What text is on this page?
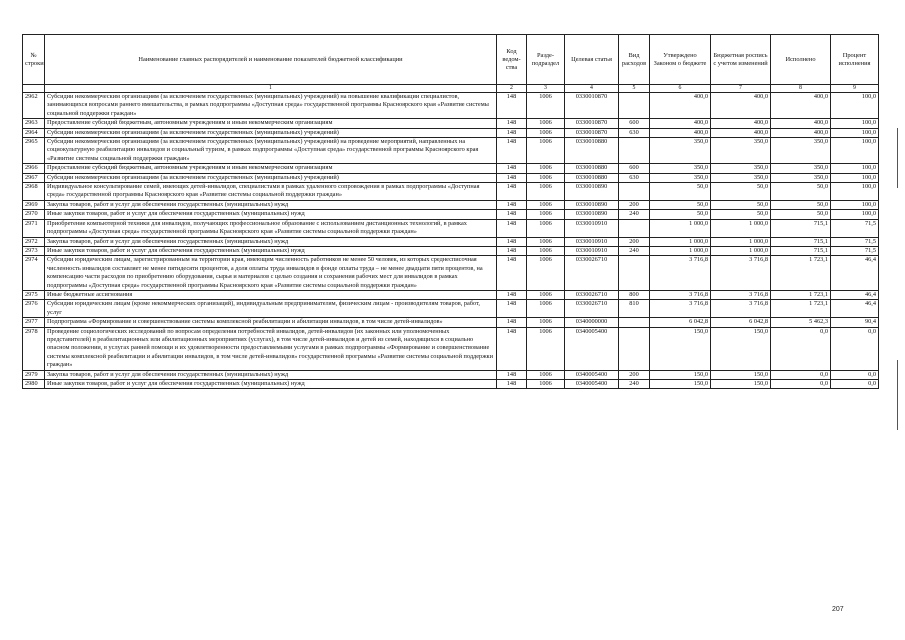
№ строки	Наименование главных распорядителей и наименование показателей бюджетной классификации	Код ведом-ства	Разде-подраздел	Целевая статья	Вид расходов	Утверждено Законом о бюджете	Бюджетная роспись с учетом изменений	Исполнено	Процент исполнения
	1	2	3	4	5	6	7	8	9
2962	Субсидии некоммерческим организациям (за исключением государственных (муниципальных) учреждений) на повышение квалификации специалистов, занимающихся вопросами раннего вмешательства, в рамках подпрограммы «Доступная среда» государственной программы Красноярского края «Развитие системы социальной поддержки граждан»	148	1006	0330010870		400,0	400,0	400,0	100,0
2963	Предоставление субсидий бюджетным, автономным учреждениям и иным некоммерческим организациям	148	1006	0330010870	600	400,0	400,0	400,0	100,0
2964	Субсидии некоммерческим организациям (за исключением государственных (муниципальных) учреждений)	148	1006	0330010870	630	400,0	400,0	400,0	100,0
2965	Субсидии некоммерческим организациям (за исключением государственных (муниципальных) учреждений) на проведение мероприятий, направленных на социокультурную реабилитацию инвалидов и социальный туризм, в рамках подпрограммы «Доступная среда» государственной программы Красноярского края «Развитие системы социальной поддержки граждан»	148	1006	0330010880		350,0	350,0	350,0	100,0
2966	Предоставление субсидий бюджетным, автономным учреждениям и иным некоммерческим организациям	148	1006	0330010880	600	350,0	350,0	350,0	100,0
2967	Субсидии некоммерческим организациям (за исключением государственных (муниципальных) учреждений)	148	1006	0330010880	630	350,0	350,0	350,0	100,0
2968	Индивидуальное консультирование семей, имеющих детей-инвалидов, специалистами в рамках удаленного сопровождения в рамках подпрограммы «Доступная среда» государственной программы Красноярского края «Развитие системы социальной поддержки граждан»	148	1006	0330010890		50,0	50,0	50,0	100,0
2969	Закупка товаров, работ и услуг для обеспечения государственных (муниципальных) нужд	148	1006	0330010890	200	50,0	50,0	50,0	100,0
2970	Иные закупки товаров, работ и услуг для обеспечения государственных (муниципальных) нужд	148	1006	0330010890	240	50,0	50,0	50,0	100,0
2971	Приобретение компьютерной техники для инвалидов, получающих профессиональное образование с использованием дистанционных технологий, в рамках подпрограммы «Доступная среда» государственной программы Красноярского края «Развитие системы социальной поддержки граждан»	148	1006	0330010910		1 000,0	1 000,0	715,1	71,5
2972	Закупка товаров, работ и услуг для обеспечения государственных (муниципальных) нужд	148	1006	0330010910	200	1 000,0	1 000,0	715,1	71,5
2973	Иные закупки товаров, работ и услуг для обеспечения государственных (муниципальных) нужд	148	1006	0330010910	240	1 000,0	1 000,0	715,1	71,5
2974	Субсидии юридическим лицам, зарегистрированным на территории края, имеющим численность работников не менее 50 человек, из которых среднесписочная численность инвалидов составляет не менее пятидесяти процентов, а доля оплаты труда инвалидов в фонде оплаты труда – не менее двадцати пяти процентов, на компенсацию части расходов по приобретению оборудования, сырья и материалов с целью создания и сохранения рабочих мест для инвалидов в рамках подпрограммы «Доступная среда» государственной программы Красноярского края «Развитие системы социальной поддержки граждан»	148	1006	0330026710		3 716,8	3 716,8	1 723,1	46,4
2975	Иные бюджетные ассигнования	148	1006	0330026710	800	3 716,8	3 716,8	1 723,1	46,4
2976	Субсидии юридическим лицам (кроме некоммерческих организаций), индивидуальным предпринимателям, физическим лицам - производителям товаров, работ, услуг	148	1006	0330026710	810	3 716,8	3 716,8	1 723,1	46,4
2977	Подпрограмма «Формирование и совершенствование системы комплексной реабилитации и абилитации инвалидов, в том числе детей-инвалидов»	148	1006	0340000000		6 042,8	6 042,8	5 462,3	90,4
2978	Проведение социологических исследований по вопросам определения потребностей инвалидов, детей-инвалидов (их законных или уполномоченных представителей) в реабилитационных или абилитационных мероприятиях (услугах), в том числе детей-инвалидов и детей из семей, находящихся в социально опасном положении, в услугах ранней помощи и их удовлетворенности предоставляемыми услугами в рамках подпрограммы «Формирование и совершенствование системы комплексной реабилитации и абилитации инвалидов, в том числе детей-инвалидов» государственной программы «Развитие системы социальной поддержки граждан»	148	1006	0340005400		150,0	150,0	0,0	0,0
2979	Закупка товаров, работ и услуг для обеспечения государственных (муниципальных) нужд	148	1006	0340005400	200	150,0	150,0	0,0	0,0
2980	Иные закупки товаров, работ и услуг для обеспечения государственных (муниципальных) нужд	148	1006	0340005400	240	150,0	150,0	0,0	0,0
207
